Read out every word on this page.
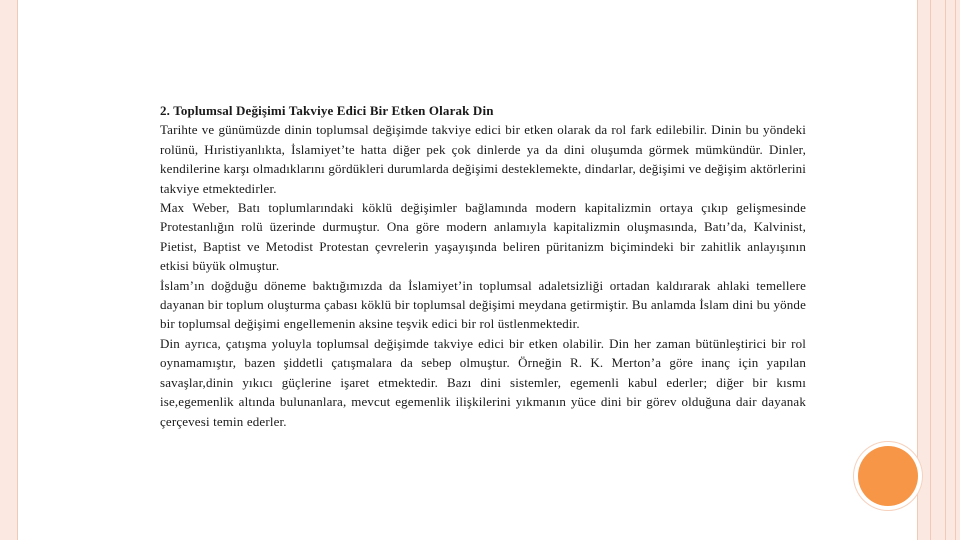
2. Toplumsal Değişimi Takviye Edici Bir Etken Olarak Din

Tarihte ve günümüzde dinin toplumsal değişimde takviye edici bir etken olarak da rol fark edilebilir. Dinin bu yöndeki rolünü, Hıristiyanlıkta, İslamiyet’te hatta diğer pek çok dinlerde ya da dini oluşumda görmek mümkündür. Dinler, kendilerine karşı olmadıklarını gördükleri durumlarda değişimi desteklemekte, dindarlar, değişimi ve değişim aktörlerini takviye etmektedirler.

Max Weber, Batı toplumlarındaki köklü değişimler bağlamında modern kapitalizmin ortaya çıkıp gelişmesinde Protestanlığın rolü üzerinde durmuştur. Ona göre modern anlamıyla kapitalizmin oluşmasında, Batı’da, Kalvinist, Pietist, Baptist ve Metodist Protestan çevrelerin yaşayışında beliren püritanizm biçimindeki bir zahitlik anlayışının etkisi büyük olmuştur.

İslam’ın doğduğu döneme baktığımızda da İslamiyet’in toplumsal adaletsizliği ortadan kaldırarak ahlaki temellere dayanan bir toplum oluşturma çabası köklü bir toplumsal değişimi meydana getirmiştir. Bu anlamda İslam dini bu yönde bir toplumsal değişimi engellemenin aksine teşvik edici bir rol üstlenmektedir.

Din ayrıca, çatışma yoluyla toplumsal değişimde takviye edici bir etken olabilir. Din her zaman bütünleştirici bir rol oynamamıştır, bazen şiddetli çatışmalara da sebep olmuştur. Örneğin R. K. Merton’a göre inanç için yapılan savaşlar,dinin yıkıcı güçlerine işaret etmektedir. Bazı dini sistemler, egemenli kabul ederler; diğer bir kısmı ise,egemenlik altında bulunanlara, mevcut egemenlik ilişkilerini yıkmanın yüce dini bir görev olduğuna dair dayanak çerçevesi temin ederler.
